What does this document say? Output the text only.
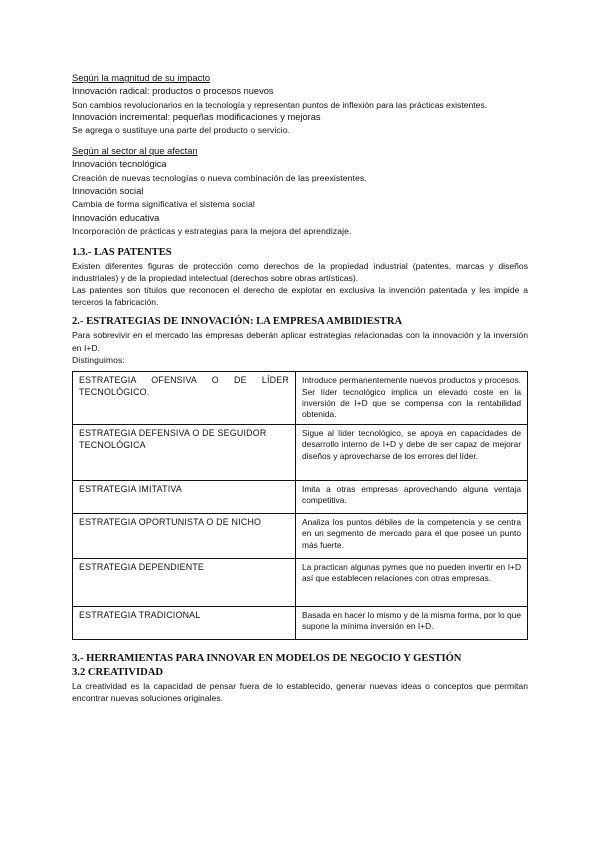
Según la magnitud de su impacto

Innovación radical: productos o procesos nuevos

Son cambios revolucionarios en la tecnología y representan puntos de inflexión para las prácticas existentes.

Innovación incremental: pequeñas modificaciones y mejoras

Se agrega o sustituye una parte del producto o servicio.

Según al sector al que afectan

Innovación tecnológica

Creación de nuevas tecnologías o nueva combinación de las preexistentes.

Innovación social

Cambia de forma significativa el sistema social

Innovación educativa

Incorporación de prácticas y estrategias para la mejora del aprendizaje.

1.3.- LAS PATENTES

Existen diferentes figuras de protección como derechos de la propiedad industrial (patentes, marcas y diseños industriales) y de la propiedad intelectual (derechos sobre obras artísticas).

Las patentes son títulos que reconocen el derecho de explotar en exclusiva la invención patentada y les impide a terceros la fabricación.

2.- ESTRATEGIAS DE INNOVACIÓN: LA EMPRESA AMBIDIESTRA

Para sobrevivir en el mercado las empresas deberán aplicar estrategias relacionadas con la innovación y la inversión en I+D.

Distinguimos:

ESTRATEGIA OFENSIVA O DE LÍDER TECNOLÓGICO.	Introduce permanentemente nuevos productos y procesos. Ser líder tecnológico implica un elevado coste en la inversión de I+D que se compensa con la rentabilidad obtenida.
ESTRATEGIA DEFENSIVA O DE SEGUIDOR TECNOLÓGICA	Sigue al líder tecnológico, se apoya en capacidades de desarrollo interno de I+D y debe de ser capaz de mejorar diseños y aprovecharse de los errores del líder.
ESTRATEGIA IMITATIVA	Imita a otras empresas aprovechando alguna ventaja competitiva.
ESTRATEGIA OPORTUNISTA O DE NICHO	Analiza los puntos débiles de la competencia y se centra en un segmento de mercado para el que posee un punto más fuerte.
ESTRATEGIA DEPENDIENTE	La practican algunas pymes que no pueden invertir en I+D así que establecen relaciones con otras empresas.
ESTRATEGIA TRADICIONAL	Basada en hacer lo mismo y de la misma forma, por lo que supone la mínima inversión en I+D.

3.- HERRAMIENTAS PARA INNOVAR EN MODELOS DE NEGOCIO Y GESTIÓN

3.2 CREATIVIDAD

La creatividad es la capacidad de pensar fuera de lo establecido, generar nuevas ideas o conceptos que permitan encontrar nuevas soluciones originales.
